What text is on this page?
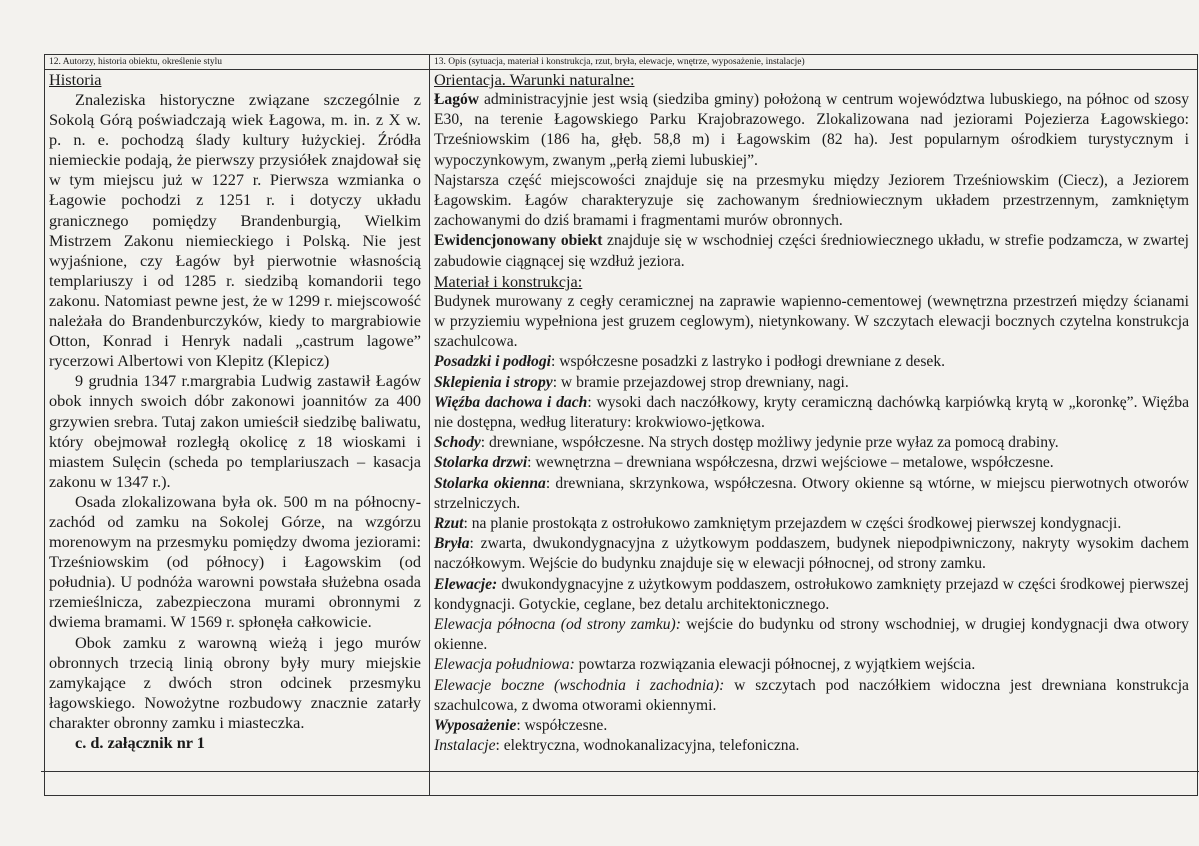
12. Autorzy, historia obiektu, określenie stylu
Historia

Znaleziska historyczne związane szczególnie z Sokolą Górą poświadczają wiek Łagowa, m. in. z X w. p. n. e. pochodzą ślady kultury łużyckiej. Źródła niemieckie podają, że pierwszy przysiółek znajdował się w tym miejscu już w 1227 r. Pierwsza wzmianka o Łagowie pochodzi z 1251 r. i dotyczy układu granicznego pomiędzy Brandenburgią, Wielkim Mistrzem Zakonu niemieckiego i Polską. Nie jest wyjaśnione, czy Łagów był pierwotnie własnością templariuszy i od 1285 r. siedzibą komandorii tego zakonu. Natomiast pewne jest, że w 1299 r. miejscowość należała do Brandenburczyków, kiedy to margrabiowie Otton, Konrad i Henryk nadali „castrum lagowe” rycerzowi Albertowi von Klepitz (Klepicz)

9 grudnia 1347 r.margrabia Ludwig zastawił Łagów obok innych swoich dóbr zakonowi joannitów za 400 grzywien srebra. Tutaj zakon umieścił siedzibę baliwatu, który obejmował rozległą okolicę z 18 wioskami i miastem Sulęcin (scheda po templariuszach – kasacja zakonu w 1347 r.).

Osada zlokalizowana była ok. 500 m na północny-zachód od zamku na Sokolej Górze, na wzgórzu morenowym na przesmyku pomiędzy dwoma jeziorami: Trześniowskim (od północy) i Łagowskim (od południa). U podnóża warowni powstała służebna osada rzemieślnicza, zabezpieczona murami obronnymi z dwiema bramami. W 1569 r. spłonęła całkowicie.

Obok zamku z warowną wieżą i jego murów obronnych trzecią linią obrony były mury miejskie zamykające z dwóch stron odcinek przesmyku łagowskiego. Nowożytne rozbudowy znacznie zatarły charakter obronny zamku i miasteczka.

c. d. załącznik nr 1
13. Opis (sytuacja, materiał i konstrukcja, rzut, bryła, elewacje, wnętrze, wyposażenie, instalacje)
Orientacja. Warunki naturalne:

Łagów administracyjnie jest wsią (siedziba gminy) położoną w centrum województwa lubuskiego, na północ od szosy E30, na terenie Łagowskiego Parku Krajobrazowego. Zlokalizowana nad jeziorami Pojezierza Łagowskiego: Trześniowskim (186 ha, głęb. 58,8 m) i Łagowskim (82 ha). Jest popularnym ośrodkiem turystycznym i wypoczynkowym, zwanym „perłą ziemi lubuskiej”.

Najstarsza część miejscowości znajduje się na przesmyku między Jeziorem Trześniowskim (Ciecz), a Jeziorem Łagowskim. Łagów charakteryzuje się zachowanym średniowiecznym układem przestrzennym, zamkniętym zachowanymi do dziś bramami i fragmentami murów obronnych.

Ewidencjonowany obiekt znajduje się w wschodniej części średniowiecznego układu, w strefie podzamcza, w zwartej zabudowie ciągnącej się wzdłuż jeziora.

Materiał i konstrukcja:

Budynek murowany z cegły ceramicznej na zaprawie wapienno-cementowej (wewnętrzna przestrzeń między ścianami w przyziemiu wypełniona jest gruzem ceglowym), nietynkowany. W szczytach elewacji bocznych czytelna konstrukcja szachulcowa.

Posadzki i podłogi: współczesne posadzki z lastryko i podłogi drewniane z desek.

Sklepienia i stropy: w bramie przejazdowej strop drewniany, nagi.

Więźba dachowa i dach: wysoki dach naczółkowy, kryty ceramiczną dachówką karpiówką krytą w „koronkę”. Więźba nie dostępna, według literatury: krokwiowo-jętkowa.

Schody: drewniane, współczesne. Na strych dostęp możliwy jedynie prze wyłaz za pomocą drabiny.

Stolarka drzwi: wewnętrzna – drewniana współczesna, drzwi wejściowe – metalowe, współczesne.

Stolarka okienna: drewniana, skrzynkowa, współczesna. Otwory okienne są wtórne, w miejscu pierwotnych otworów strzelniczych.

Rzut: na planie prostokąta z ostrołukowo zamkniętym przejazdem w części środkowej pierwszej kondygnacji.

Bryła: zwarta, dwukondygnacyjna z użytkowym poddaszem, budynek niepodpiwniczony, nakryty wysokim dachem naczółkowym. Wejście do budynku znajduje się w elewacji północnej, od strony zamku.

Elewacje: dwukondygnacyjne z użytkowym poddaszem, ostrołukowo zamknięty przejazd w części środkowej pierwszej kondygnacji. Gotyckie, ceglane, bez detalu architektonicznego.

Elewacja północna (od strony zamku): wejście do budynku od strony wschodniej, w drugiej kondygnacji dwa otwory okienne.

Elewacja południowa: powtarza rozwiązania elewacji północnej, z wyjątkiem wejścia.

Elewacje boczne (wschodnia i zachodnia): w szczytach pod naczółkiem widoczna jest drewniana konstrukcja szachulcowa, z dwoma otworami okiennymi.

Wyposażenie: współczesne.

Instalacje: elektryczna, wodnokanalizacyjna, telefoniczna.
